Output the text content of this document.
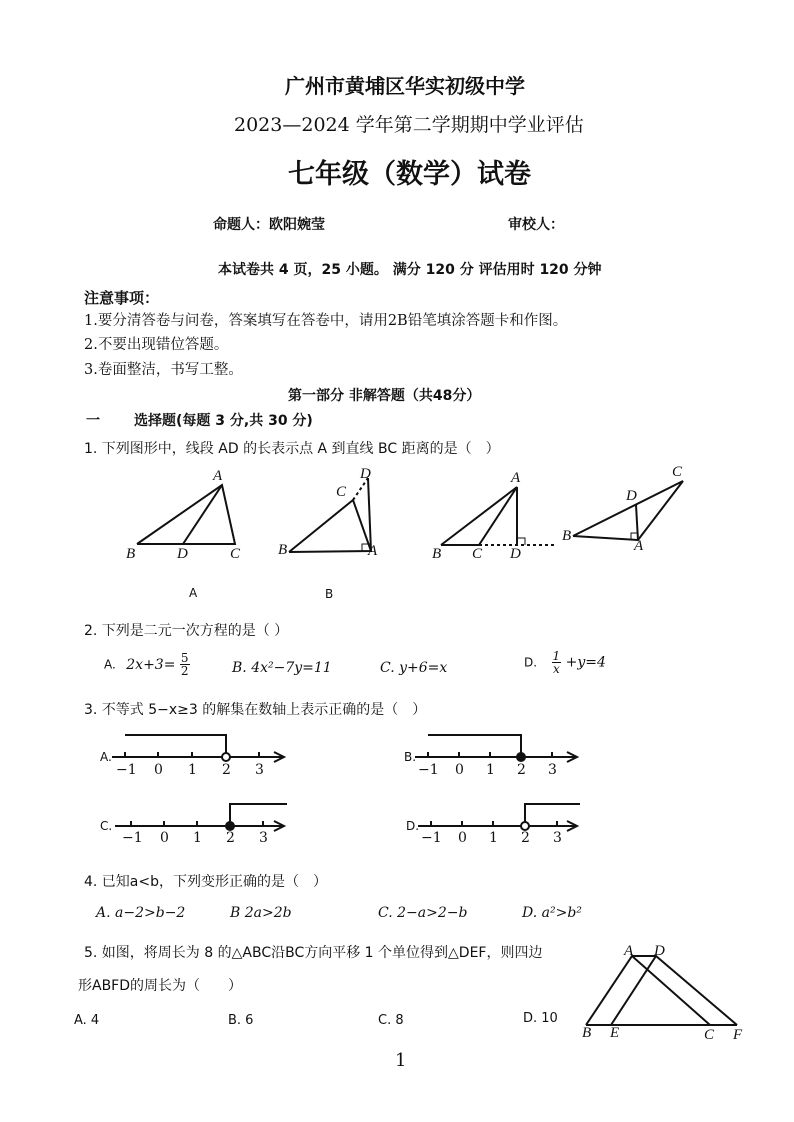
广州市黄埔区华实初级中学
2023—2024 学年第二学期期中学业评估
七年级（数学）试卷
命题人：欧阳婉莹	审校人：
本试卷共 4 页，25 小题。 满分 120 分 评估用时 120 分钟
注意事项：
1.要分清答卷与问卷，答案填写在答卷中，请用2B铅笔填涂答题卡和作图。
2.不要出现错位答题。
3.卷面整洁，书写工整。
第一部分 非解答题（共48分）
一 选择题(每题 3 分,共 30 分)
1. 下列图形中，线段 AD 的长表示点 A 到直线 BC 距离的是（　）
A
B	D	C
D
C
B	A
A
B C D
C
D
B
A
A	B
2. 下列是二元一次方程的是（ ）
A. $2x+3= \frac{5}{2}$	B. 4x²−7y=11	C. y+6=x	D. $\frac{1}{x} +y=4$
3. 不等式 5−x≥3 的解集在数轴上表示正确的是（　）
A.	B.
C.	D.
−1 0 1 2 3	−1 0 1 2 3
−1 0 1 2 3	−1 0 1 2 3
4. 已知a<b，下列变形正确的是（　）
A. a−2>b−2	B 2a>2b	C. 2−a>2−b	D. a²>b²
5. 如图，将周长为 8 的△ABC沿BC方向平移 1 个单位得到△DEF，则四边
形ABFD的周长为（　　）
A. 4	B. 6	C. 8	D. 10
A D
B E	C F
1
